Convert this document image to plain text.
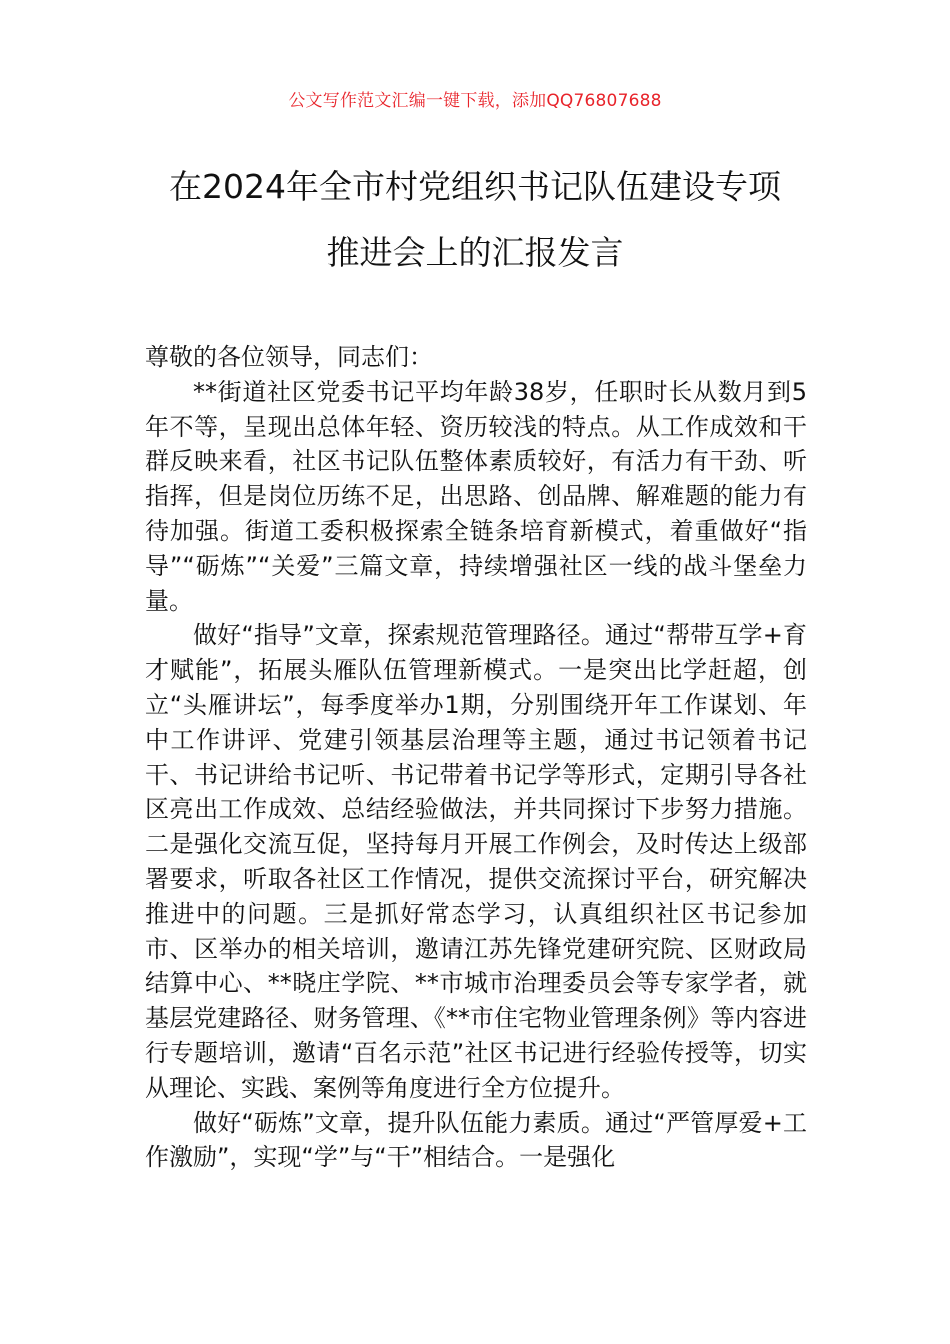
公文写作范文汇编一键下载，添加QQ76807688
在2024年全市村党组织书记队伍建设专项
推进会上的汇报发言

尊敬的各位领导，同志们：

**街道社区党委书记平均年龄38岁，任职时长从数月到5年不等，呈现出总体年轻、资历较浅的特点。从工作成效和干群反映来看，社区书记队伍整体素质较好，有活力有干劲、听指挥，但是岗位历练不足，出思路、创品牌、解难题的能力有待加强。街道工委积极探索全链条培育新模式，着重做好“指导”“砺炼”“关爱”三篇文章，持续增强社区一线的战斗堡垒力量。

做好“指导”文章，探索规范管理路径。通过“帮带互学+育才赋能”，拓展头雁队伍管理新模式。一是突出比学赶超，创立“头雁讲坛”，每季度举办1期，分别围绕开年工作谋划、年中工作讲评、党建引领基层治理等主题，通过书记领着书记干、书记讲给书记听、书记带着书记学等形式，定期引导各社区亮出工作成效、总结经验做法，并共同探讨下步努力措施。二是强化交流互促，坚持每月开展工作例会，及时传达上级部署要求，听取各社区工作情况，提供交流探讨平台，研究解决推进中的问题。三是抓好常态学习，认真组织社区书记参加市、区举办的相关培训，邀请江苏先锋党建研究院、区财政局结算中心、**晓庄学院、**市城市治理委员会等专家学者，就基层党建路径、财务管理、《**市住宅物业管理条例》等内容进行专题培训，邀请“百名示范”社区书记进行经验传授等，切实从理论、实践、案例等角度进行全方位提升。

做好“砺炼”文章，提升队伍能力素质。通过“严管厚爱+工作激励”，实现“学”与“干”相结合。一是强化
